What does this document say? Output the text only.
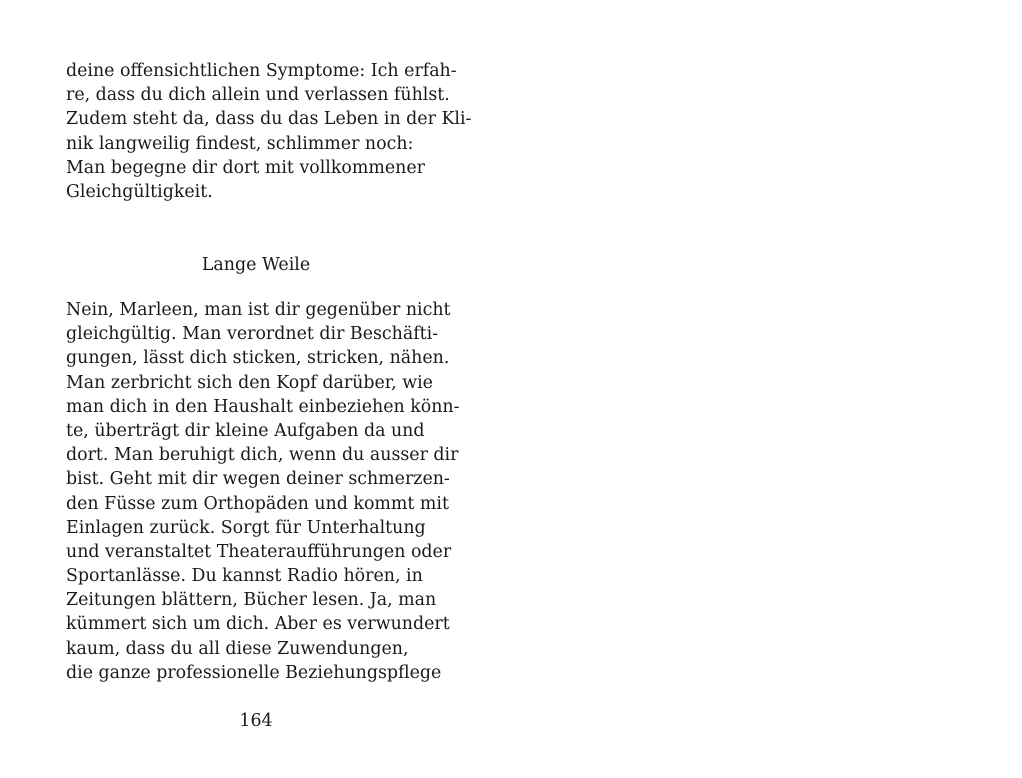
deine offensichtlichen Symptome: Ich erfah-
re, dass du dich allein und verlassen fühlst.
Zudem steht da, dass du das Leben in der Kli-
nik langweilig findest, schlimmer noch:
Man begegne dir dort mit vollkommener
Gleichgültigkeit.
Lange Weile
Nein, Marleen, man ist dir gegenüber nicht
gleichgültig. Man verordnet dir Beschäfti-
gungen, lässt dich sticken, stricken, nähen.
Man zerbricht sich den Kopf darüber, wie
man dich in den Haushalt einbeziehen könn-
te, überträgt dir kleine Aufgaben da und
dort. Man beruhigt dich, wenn du ausser dir
bist. Geht mit dir wegen deiner schmerzen-
den Füsse zum Orthopäden und kommt mit
Einlagen zurück. Sorgt für Unterhaltung
und veranstaltet Theateraufführungen oder
Sportanlässe. Du kannst Radio hören, in
Zeitungen blättern, Bücher lesen. Ja, man
kümmert sich um dich. Aber es verwundert
kaum, dass du all diese Zuwendungen,
die ganze professionelle Beziehungspflege
164
